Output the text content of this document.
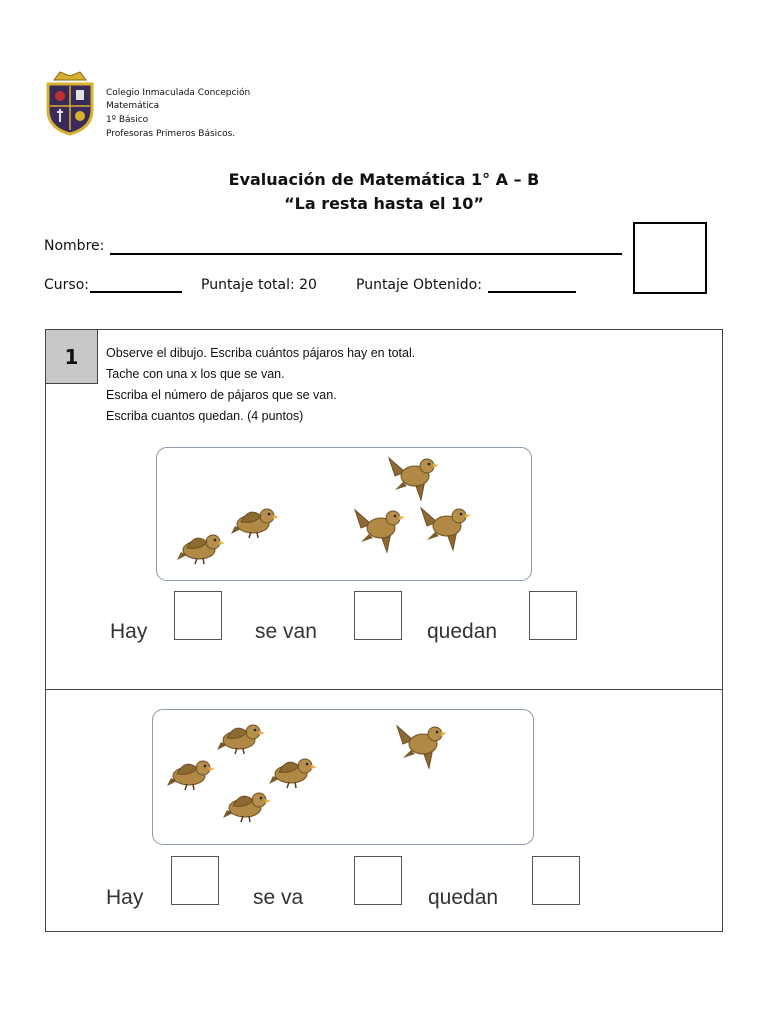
Colegio Inmaculada Concepción
Matemática
1º Básico
Profesoras Primeros Básicos.
Evaluación de Matemática 1° A – B
“La resta hasta el 10”
Nombre:
Curso:	Puntaje total: 20	Puntaje Obtenido:
1	Observe el dibujo. Escriba cuántos pájaros hay en total.
Tache con una x los que se van.
Escriba el número de pájaros que se van.
Escriba cuantos quedan. (4 puntos)
Hay	se van	quedan
Hay	se va	quedan
